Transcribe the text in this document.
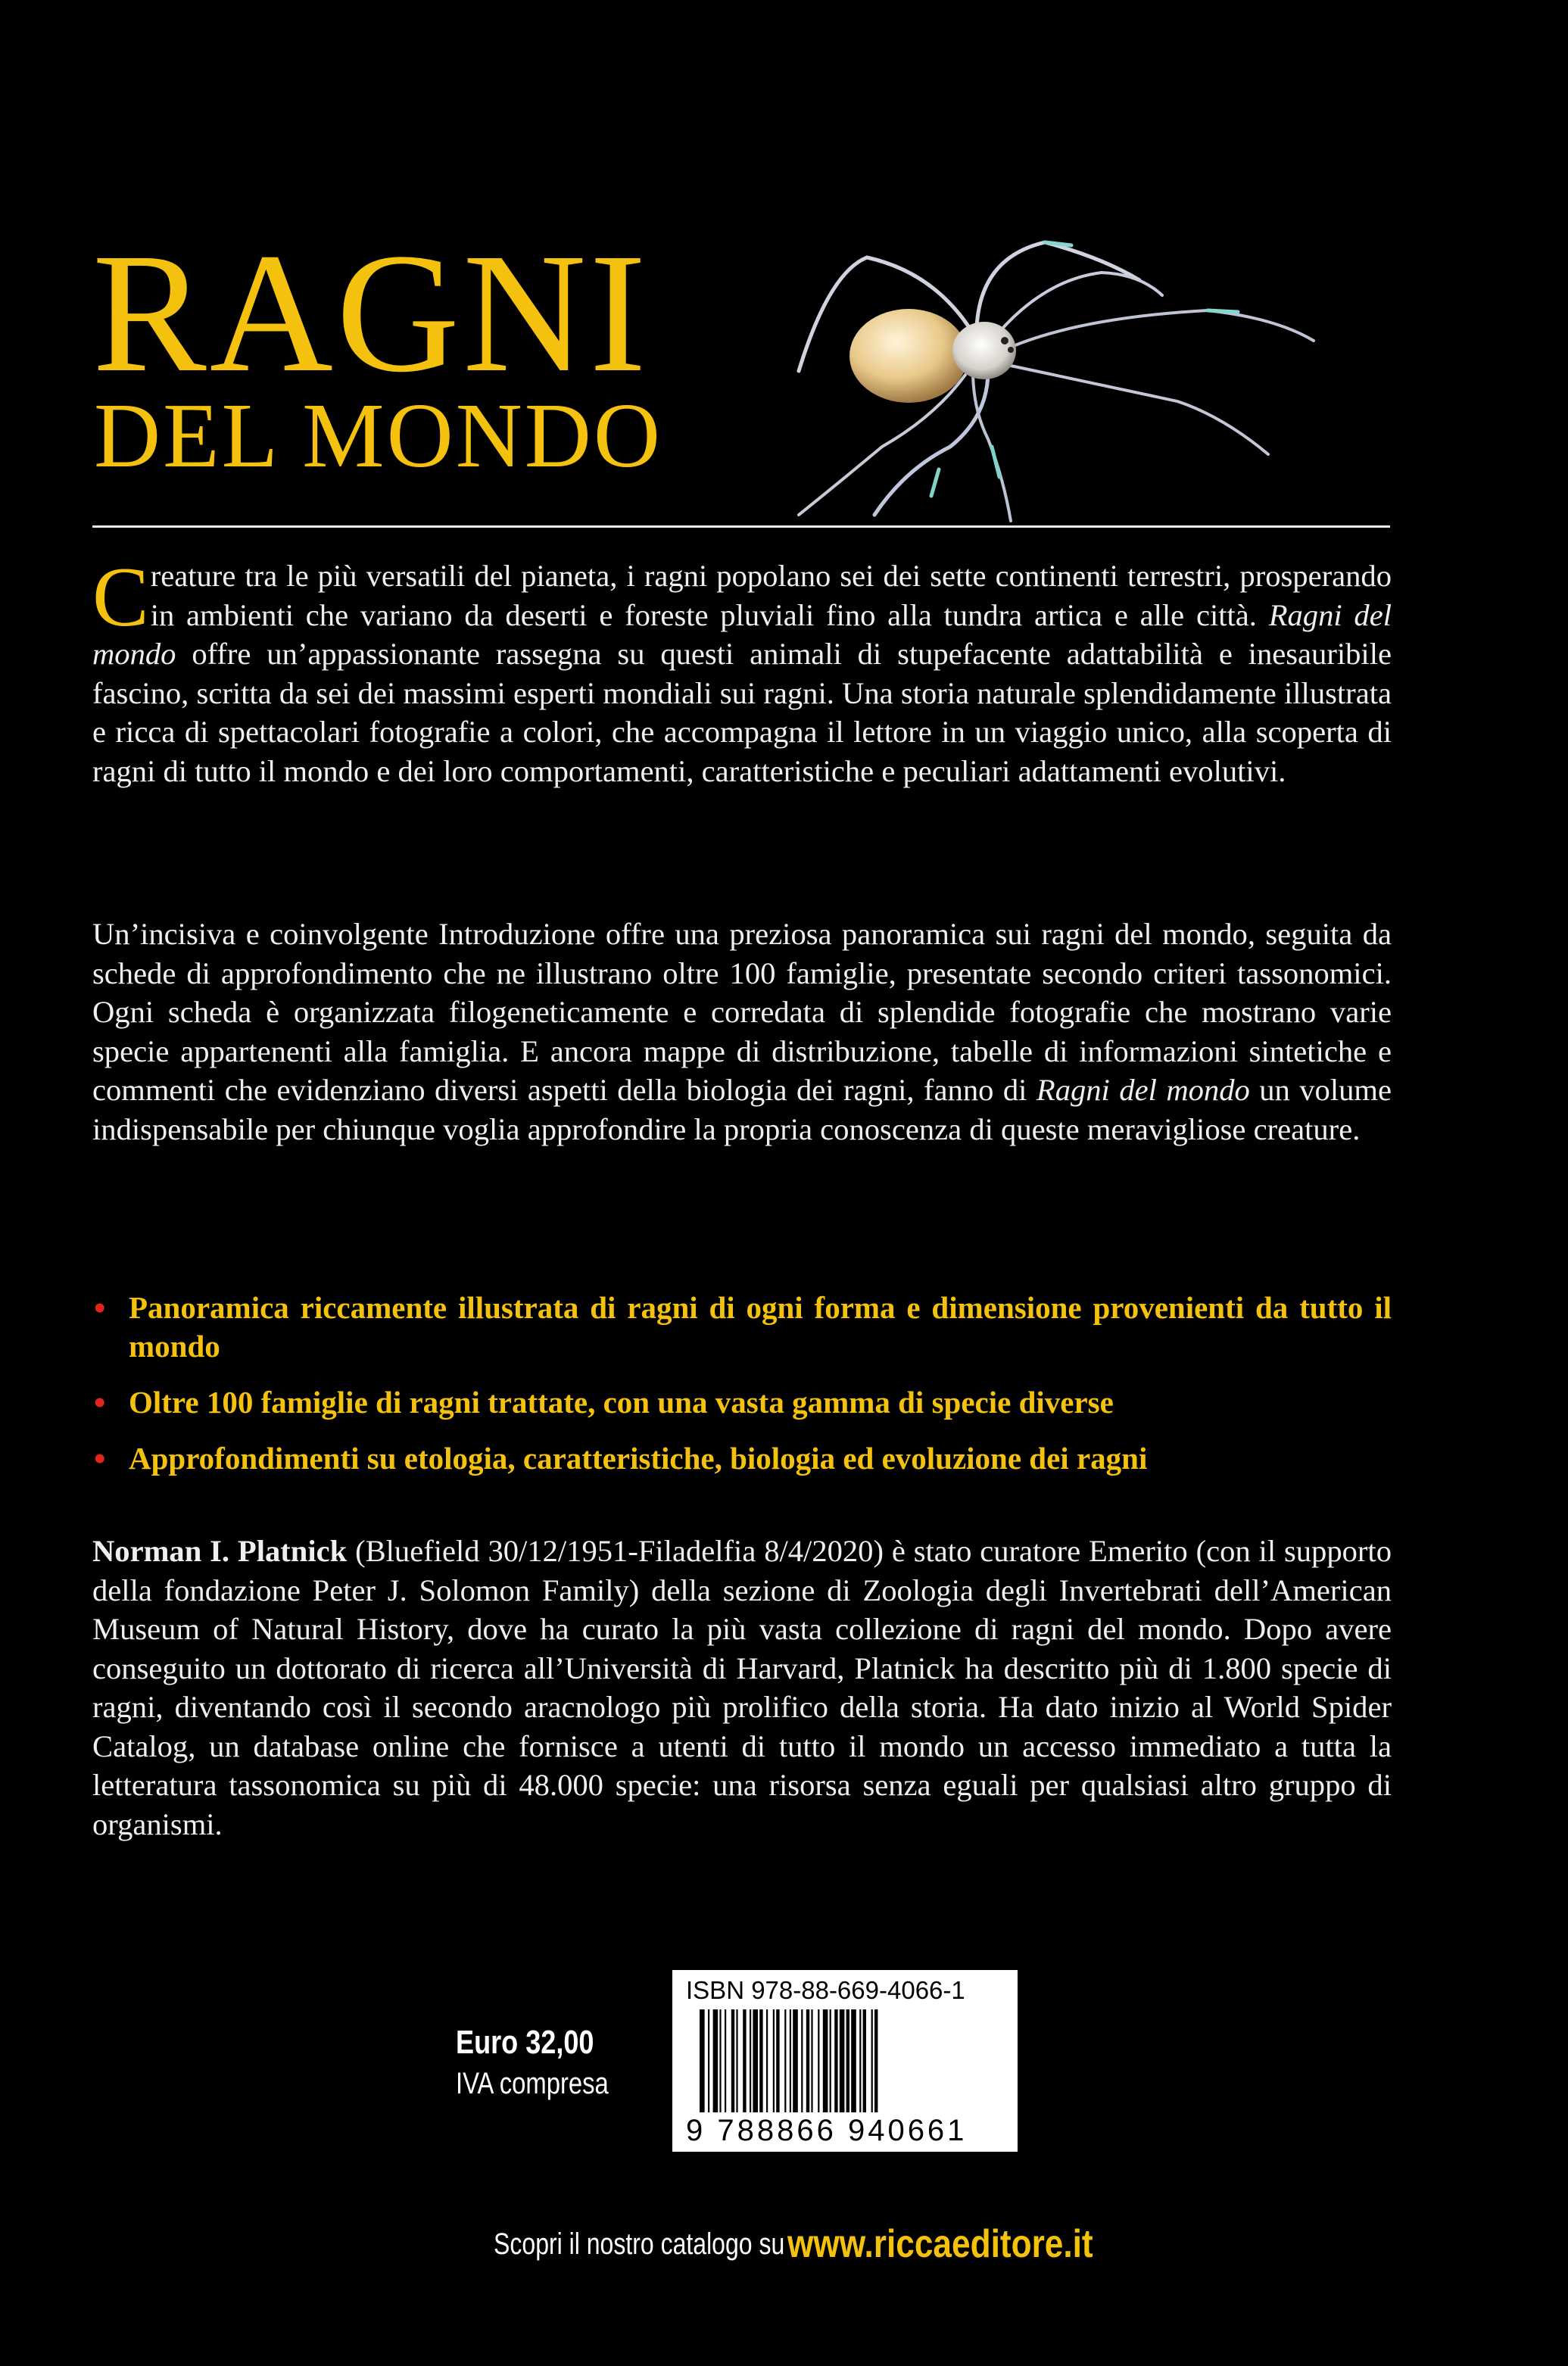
RAGNI
DEL MONDO

Creature tra le più versatili del pianeta, i ragni popolano sei dei sette continenti terrestri, prosperando in ambienti che variano da deserti e foreste pluviali fino alla tundra artica e alle città. Ragni del mondo offre un’appassionante rassegna su questi animali di stupefacente adattabilità e inesauribile fascino, scritta da sei dei massimi esperti mondiali sui ragni. Una storia naturale splendidamente illustrata e ricca di spettacolari fotografie a colori, che accompagna il lettore in un viaggio unico, alla scoperta di ragni di tutto il mondo e dei loro comportamenti, caratteristiche e peculiari adattamenti evolutivi.

Un’incisiva e coinvolgente Introduzione offre una preziosa panoramica sui ragni del mondo, seguita da schede di approfondimento che ne illustrano oltre 100 famiglie, presentate secondo criteri tassonomici. Ogni scheda è organizzata filogeneticamente e corredata di splendide fotografie che mostrano varie specie appartenenti alla famiglia. E ancora mappe di distribuzione, tabelle di informazioni sintetiche e commenti che evidenziano diversi aspetti della biologia dei ragni, fanno di Ragni del mondo un volume indispensabile per chiunque voglia approfondire la propria conoscenza di queste meravigliose creature.

• Panoramica riccamente illustrata di ragni di ogni forma e dimensione provenienti da tutto il mondo
• Oltre 100 famiglie di ragni trattate, con una vasta gamma di specie diverse
• Approfondimenti su etologia, caratteristiche, biologia ed evoluzione dei ragni

Norman I. Platnick (Bluefield 30/12/1951-Filadelfia 8/4/2020) è stato curatore Emerito (con il supporto della fondazione Peter J. Solomon Family) della sezione di Zoologia degli Invertebrati dell’American Museum of Natural History, dove ha curato la più vasta collezione di ragni del mondo. Dopo avere conseguito un dottorato di ricerca all’Università di Harvard, Platnick ha descritto più di 1.800 specie di ragni, diventando così il secondo aracnologo più prolifico della storia. Ha dato inizio al World Spider Catalog, un database online che fornisce a utenti di tutto il mondo un accesso immediato a tutta la letteratura tassonomica su più di 48.000 specie: una risorsa senza eguali per qualsiasi altro gruppo di organismi.

Euro 32,00
IVA compresa
ISBN 978-88-669-4066-1
9 788866 940661
Scopri il nostro catalogo su www.riccaeditore.it
